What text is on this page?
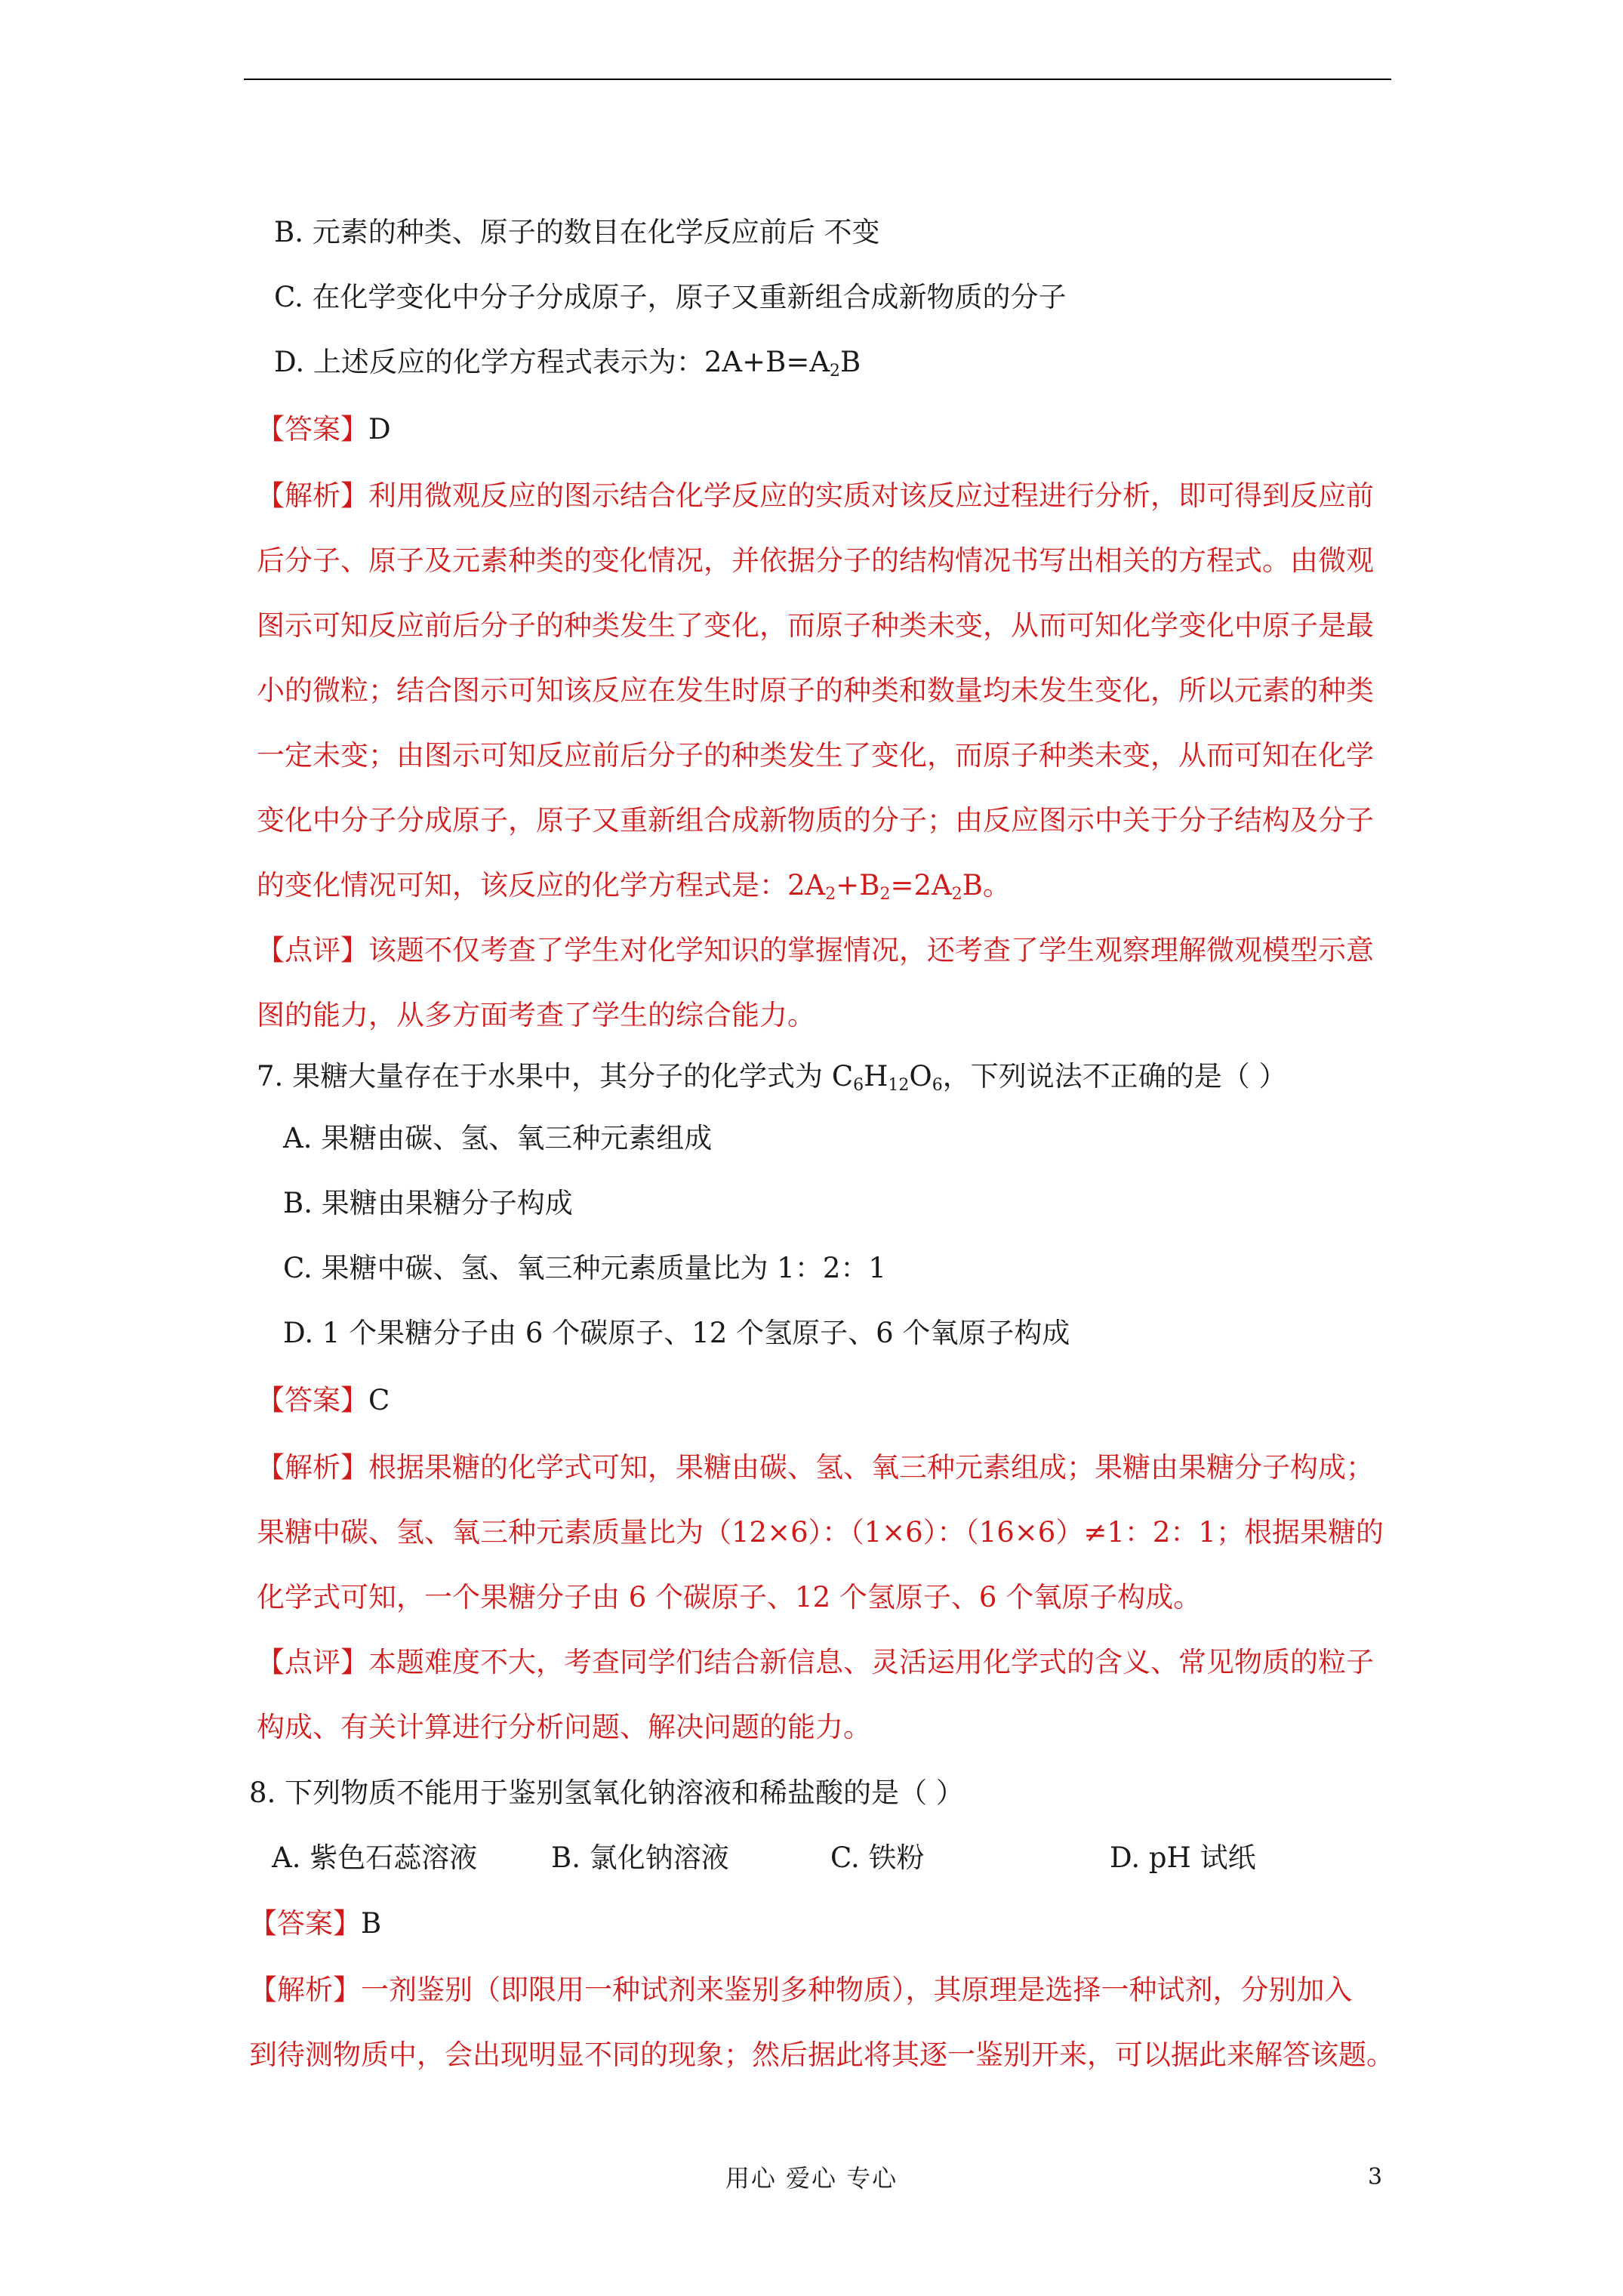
B. 元素的种类、原子的数目在化学反应前后 不变
C. 在化学变化中分子分成原子，原子又重新组合成新物质的分子
D. 上述反应的化学方程式表示为：$2A+B=A_2B$
【答案】D
【解析】利用微观反应的图示结合化学反应的实质对该反应过程进行分析，即可得到反应前
后分子、原子及元素种类的变化情况，并依据分子的结构情况书写出相关的方程式。由微观
图示可知反应前后分子的种类发生了变化，而原子种类未变，从而可知化学变化中原子是最
小的微粒；结合图示可知该反应在发生时原子的种类和数量均未发生变化，所以元素的种类
一定未变；由图示可知反应前后分子的种类发生了变化，而原子种类未变，从而可知在化学
变化中分子分成原子，原子又重新组合成新物质的分子；由反应图示中关于分子结构及分子
的变化情况可知，该反应的化学方程式是：$2A_2+B_2=2A_2B$。
【点评】该题不仅考查了学生对化学知识的掌握情况，还考查了学生观察理解微观模型示意
图的能力，从多方面考查了学生的综合能力。
7. 果糖大量存在于水果中，其分子的化学式为 $C_6H_{12}O_6$，下列说法不正确的是（ ）
A. 果糖由碳、氢、氧三种元素组成
B. 果糖由果糖分子构成
C. 果糖中碳、氢、氧三种元素质量比为 1：2：1
D. 1 个果糖分子由 6 个碳原子、12 个氢原子、6 个氧原子构成
【答案】C
【解析】根据果糖的化学式可知，果糖由碳、氢、氧三种元素组成；果糖由果糖分子构成；
果糖中碳、氢、氧三种元素质量比为（12×6）：（1×6）：（16×6）≠1：2：1；根据果糖的
化学式可知，一个果糖分子由 6 个碳原子、12 个氢原子、6 个氧原子构成。
【点评】本题难度不大，考查同学们结合新信息、灵活运用化学式的含义、常见物质的粒子
构成、有关计算进行分析问题、解决问题的能力。
8. 下列物质不能用于鉴别氢氧化钠溶液和稀盐酸的是（ ）
A. 紫色石蕊溶液	B. 氯化钠溶液	C. 铁粉	D. pH 试纸
【答案】B
【解析】一剂鉴别（即限用一种试剂来鉴别多种物质），其原理是选择一种试剂，分别加入
到待测物质中，会出现明显不同的现象；然后据此将其逐一鉴别开来，可以据此来解答该题。
用心 爱心 专心	3
